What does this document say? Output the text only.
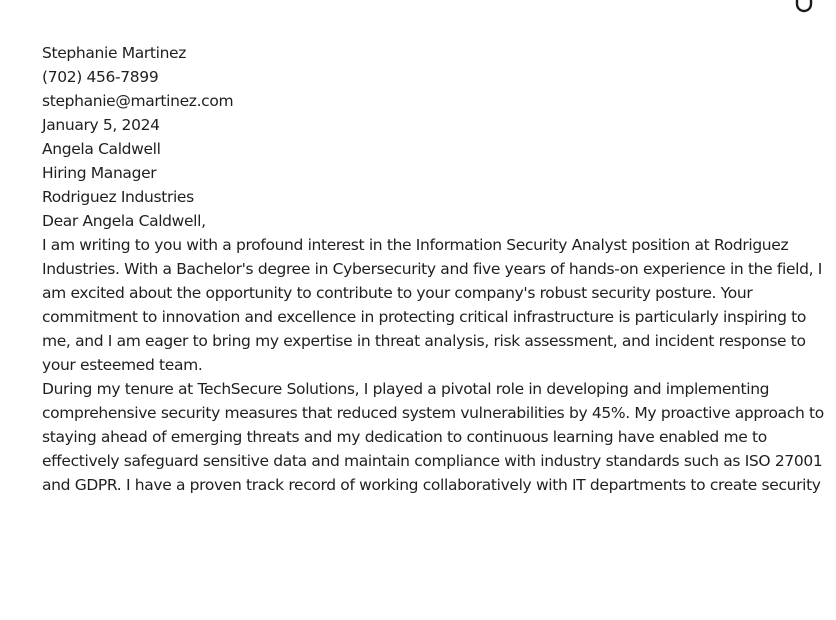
Stephanie Martinez
(702) 456-7899
stephanie@martinez.com

January 5, 2024

Angela Caldwell
Hiring Manager
Rodriguez Industries

Dear Angela Caldwell,

I am writing to you with a profound interest in the Information Security Analyst position at Rodriguez
Industries. With a Bachelor's degree in Cybersecurity and five years of hands-on experience in the field, I
am excited about the opportunity to contribute to your company's robust security posture. Your
commitment to innovation and excellence in protecting critical infrastructure is particularly inspiring to
me, and I am eager to bring my expertise in threat analysis, risk assessment, and incident response to
your esteemed team.

During my tenure at TechSecure Solutions, I played a pivotal role in developing and implementing
comprehensive security measures that reduced system vulnerabilities by 45%. My proactive approach to
staying ahead of emerging threats and my dedication to continuous learning have enabled me to
effectively safeguard sensitive data and maintain compliance with industry standards such as ISO 27001
and GDPR. I have a proven track record of working collaboratively with IT departments to create security
